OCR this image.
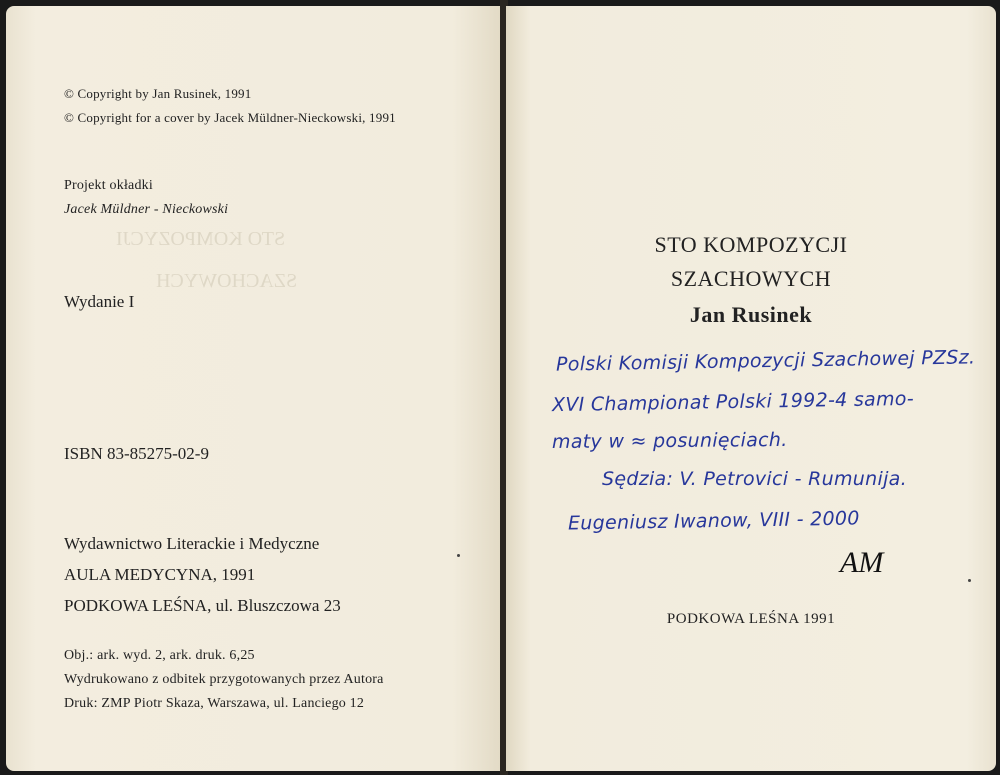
STO KOMPOZYCJI
SZACHOWYCH
© Copyright by Jan Rusinek, 1991
© Copyright for a cover by Jacek Müldner-Nieckowski, 1991
Projekt okładki
Jacek Müldner - Nieckowski
Wydanie I
ISBN 83-85275-02-9
Wydawnictwo Literackie i Medyczne
AULA MEDYCYNA, 1991
PODKOWA LEŚNA, ul. Bluszczowa 23
Obj.: ark. wyd. 2, ark. druk. 6,25
Wydrukowano z odbitek przygotowanych przez Autora
Druk: ZMP Piotr Skaza, Warszawa, ul. Lanciego 12
STO KOMPOZYCJI
SZACHOWYCH
Jan Rusinek
Polski Komisji Kompozycji Szachowej PZSz.
XVI Championat Polski 1992-4 samo-
maty w ≈ posunięciach.
Sędzia: V. Petrovici - Rumunija.
Eugeniusz Iwanow, VIII - 2000
AM
PODKOWA LEŚNA 1991
